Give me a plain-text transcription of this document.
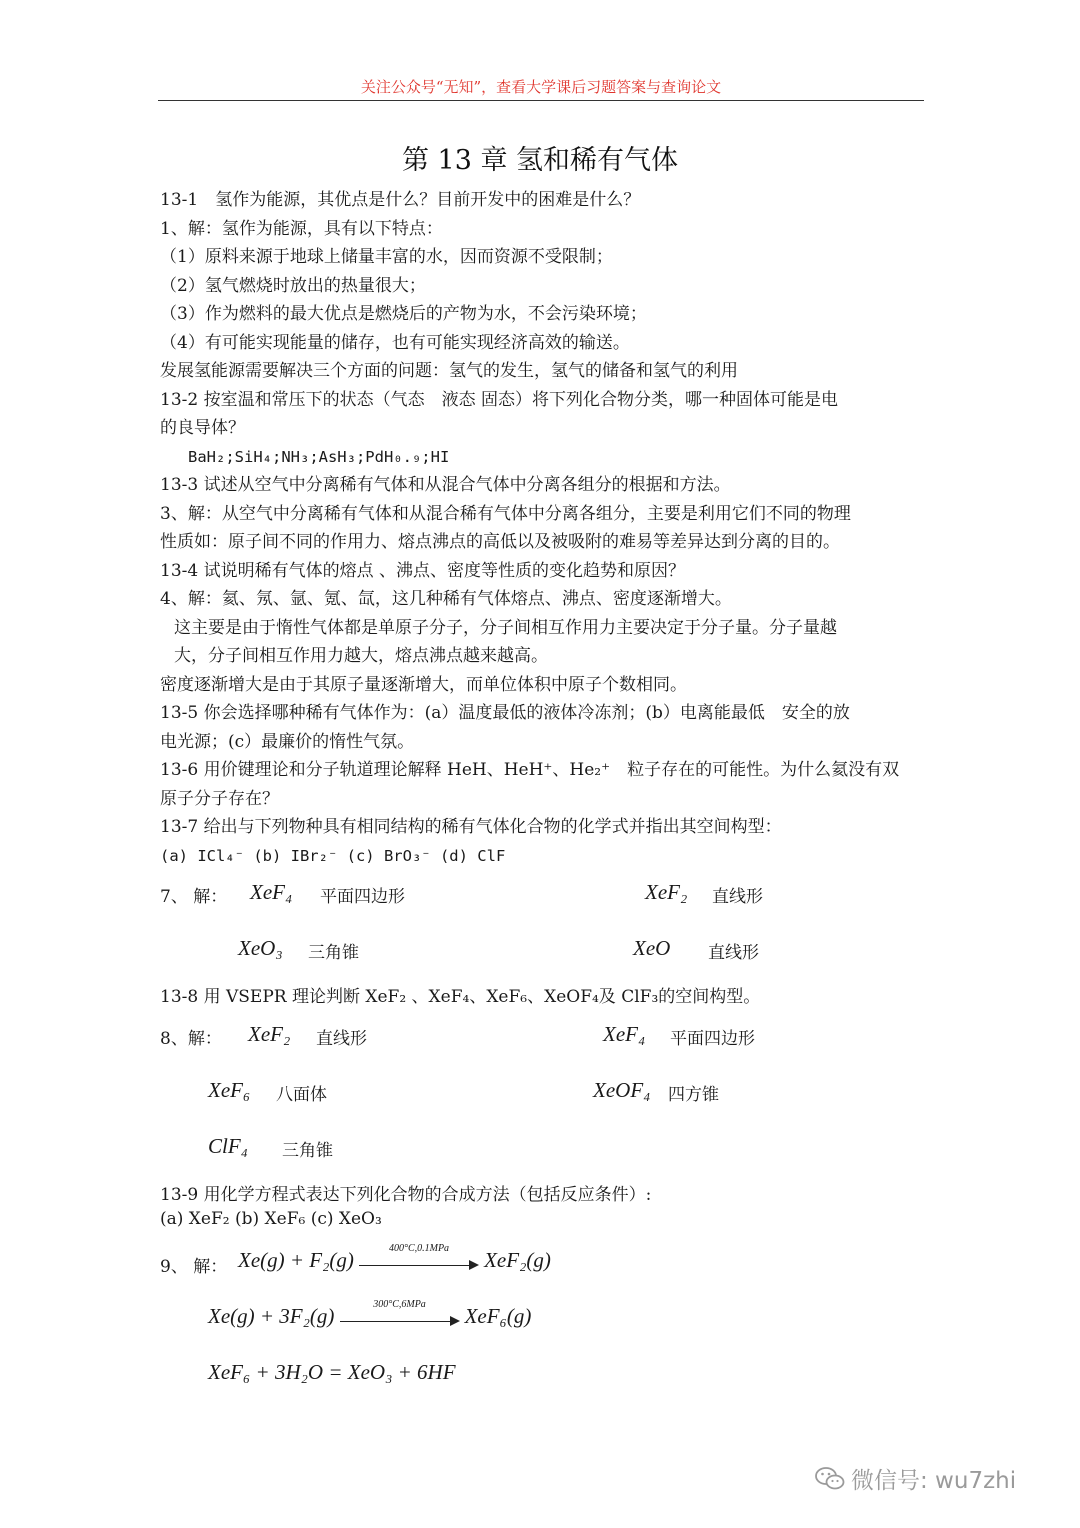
关注公众号“无知”，查看大学课后习题答案与查询论文
第 13 章 氢和稀有气体
13-1　氢作为能源，其优点是什么？目前开发中的困难是什么？
1、解：氢作为能源，具有以下特点：
（1）原料来源于地球上储量丰富的水，因而资源不受限制；
（2）氢气燃烧时放出的热量很大；
（3）作为燃料的最大优点是燃烧后的产物为水，不会污染环境；
（4）有可能实现能量的储存，也有可能实现经济高效的输送。
发展氢能源需要解决三个方面的问题：氢气的发生，氢气的储备和氢气的利用
13-2 按室温和常压下的状态（气态　液态 固态）将下列化合物分类，哪一种固体可能是电
的良导体？
BaH₂;SiH₄;NH₃;AsH₃;PdH₀.₉;HI
13-3 试述从空气中分离稀有气体和从混合气体中分离各组分的根据和方法。
3、解：从空气中分离稀有气体和从混合稀有气体中分离各组分，主要是利用它们不同的物理
性质如：原子间不同的作用力、熔点沸点的高低以及被吸附的难易等差异达到分离的目的。
13-4 试说明稀有气体的熔点 、沸点、密度等性质的变化趋势和原因？
4、解：氦、氖、氩、氪、氙，这几种稀有气体熔点、沸点、密度逐渐增大。
这主要是由于惰性气体都是单原子分子，分子间相互作用力主要决定于分子量。分子量越
大，分子间相互作用力越大，熔点沸点越来越高。
密度逐渐增大是由于其原子量逐渐增大，而单位体积中原子个数相同。
13-5 你会选择哪种稀有气体作为：(a）温度最低的液体冷冻剂；(b）电离能最低　安全的放
电光源；(c）最廉价的惰性气氛。
13-6 用价键理论和分子轨道理论解释 HeH、HeH⁺、He₂⁺　粒子存在的可能性。为什么氦没有双
原子分子存在？
13-7 给出与下列物种具有相同结构的稀有气体化合物的化学式并指出其空间构型：
(a) ICl₄⁻ (b) IBr₂⁻ (c) BrO₃⁻ (d) ClF
7、 解： XeF₄ 平面四边形	XeF₂ 直线形
XeO₃ 三角锥	XeO 直线形
13-8 用 VSEPR 理论判断 XeF₂ 、XeF₄、XeF₆、XeOF₄及 ClF₃的空间构型。
8、解： XeF₂ 直线形	XeF₄ 平面四边形
XeF₆ 八面体	XeOF₄ 四方锥
ClF₄ 三角锥
13-9 用化学方程式表达下列化合物的合成方法（包括反应条件）:
(a) XeF₂ (b) XeF₆ (c) XeO₃
9、 解： Xe(g) + F₂(g)	400°C,0.1MPa	XeF₂(g)
Xe(g) + 3F₂(g)	300°C,6MPa	XeF₆(g)
XeF₆ + 3H₂O = XeO₃ + 6HF
微信号: wu7zhi
